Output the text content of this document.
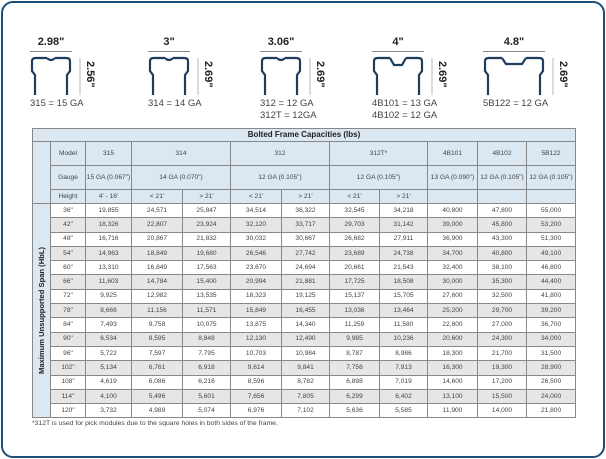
2.98"
2.56"
315 = 15 GA
3"
2.69"
314 = 14 GA
3.06"
2.69"
312 = 12 GA
312T = 12GA
4"
2.69"
4B101 = 13 GA
4B102 = 12 GA
4.8"
2.69"
5B122 = 12 GA
Bolted Frame Capacities (lbs)											
	Model	315	314		312		312T*		4B101	4B102	5B122
	Gauge	15 GA (0.067")	14 GA (0.070")		12 GA (0.105")		12 GA (0.105")		13 GA (0.090")	12 GA (0.105")	12 GA (0.105")
	Height	4' - 16'	< 21'	> 21'	< 21'	> 21'	< 21'	> 21'			
	36"	19,855	24,571	25,847	34,514	36,322	32,545	34,218	40,800	47,800	55,000
	42"	18,326	22,807	23,924	32,120	33,717	29,703	31,142	39,000	45,800	53,200
	48"	16,716	20,867	21,832	30,032	30,667	26,682	27,911	36,900	43,300	51,300
	54"	14,963	18,849	19,680	26,546	27,742	23,689	24,738	34,700	40,800	49,100
	60"	13,310	16,849	17,563	23,670	24,694	20,661	21,543	32,400	38,100	46,800
	66"	11,603	14,784	15,400	20,994	21,881	17,725	18,508	30,000	35,300	44,400
	72"	9,925	12,982	13,535	18,323	19,125	15,137	15,705	27,600	32,500	41,800
	78"	8,666	11,156	11,571	15,849	16,455	13,036	13,464	25,200	29,700	39,200
	84"	7,493	9,758	10,075	13,875	14,340	11,259	11,580	22,800	27,000	36,700
	90"	6,534	8,595	8,848	12,130	12,490	9,985	10,236	20,600	24,300	34,000
	96"	5,722	7,597	7,795	10,703	10,984	8,787	8,986	18,300	21,700	31,500
	102"	5,134	6,761	6,918	9,614	9,841	7,756	7,913	16,300	19,300	28,900
	108"	4,619	6,086	6,216	8,596	8,782	6,898	7,019	14,600	17,200	26,500
	114"	4,100	5,496	5,601	7,656	7,805	6,299	6,402	13,100	15,500	24,000
	120"	3,732	4,989	5,074	6,976	7,102	5,636	5,585	11,900	14,000	21,800
Maximum Unsupported Span (HbL)
*312T is used for pick modules due to the square holes in both sides of the frame.
